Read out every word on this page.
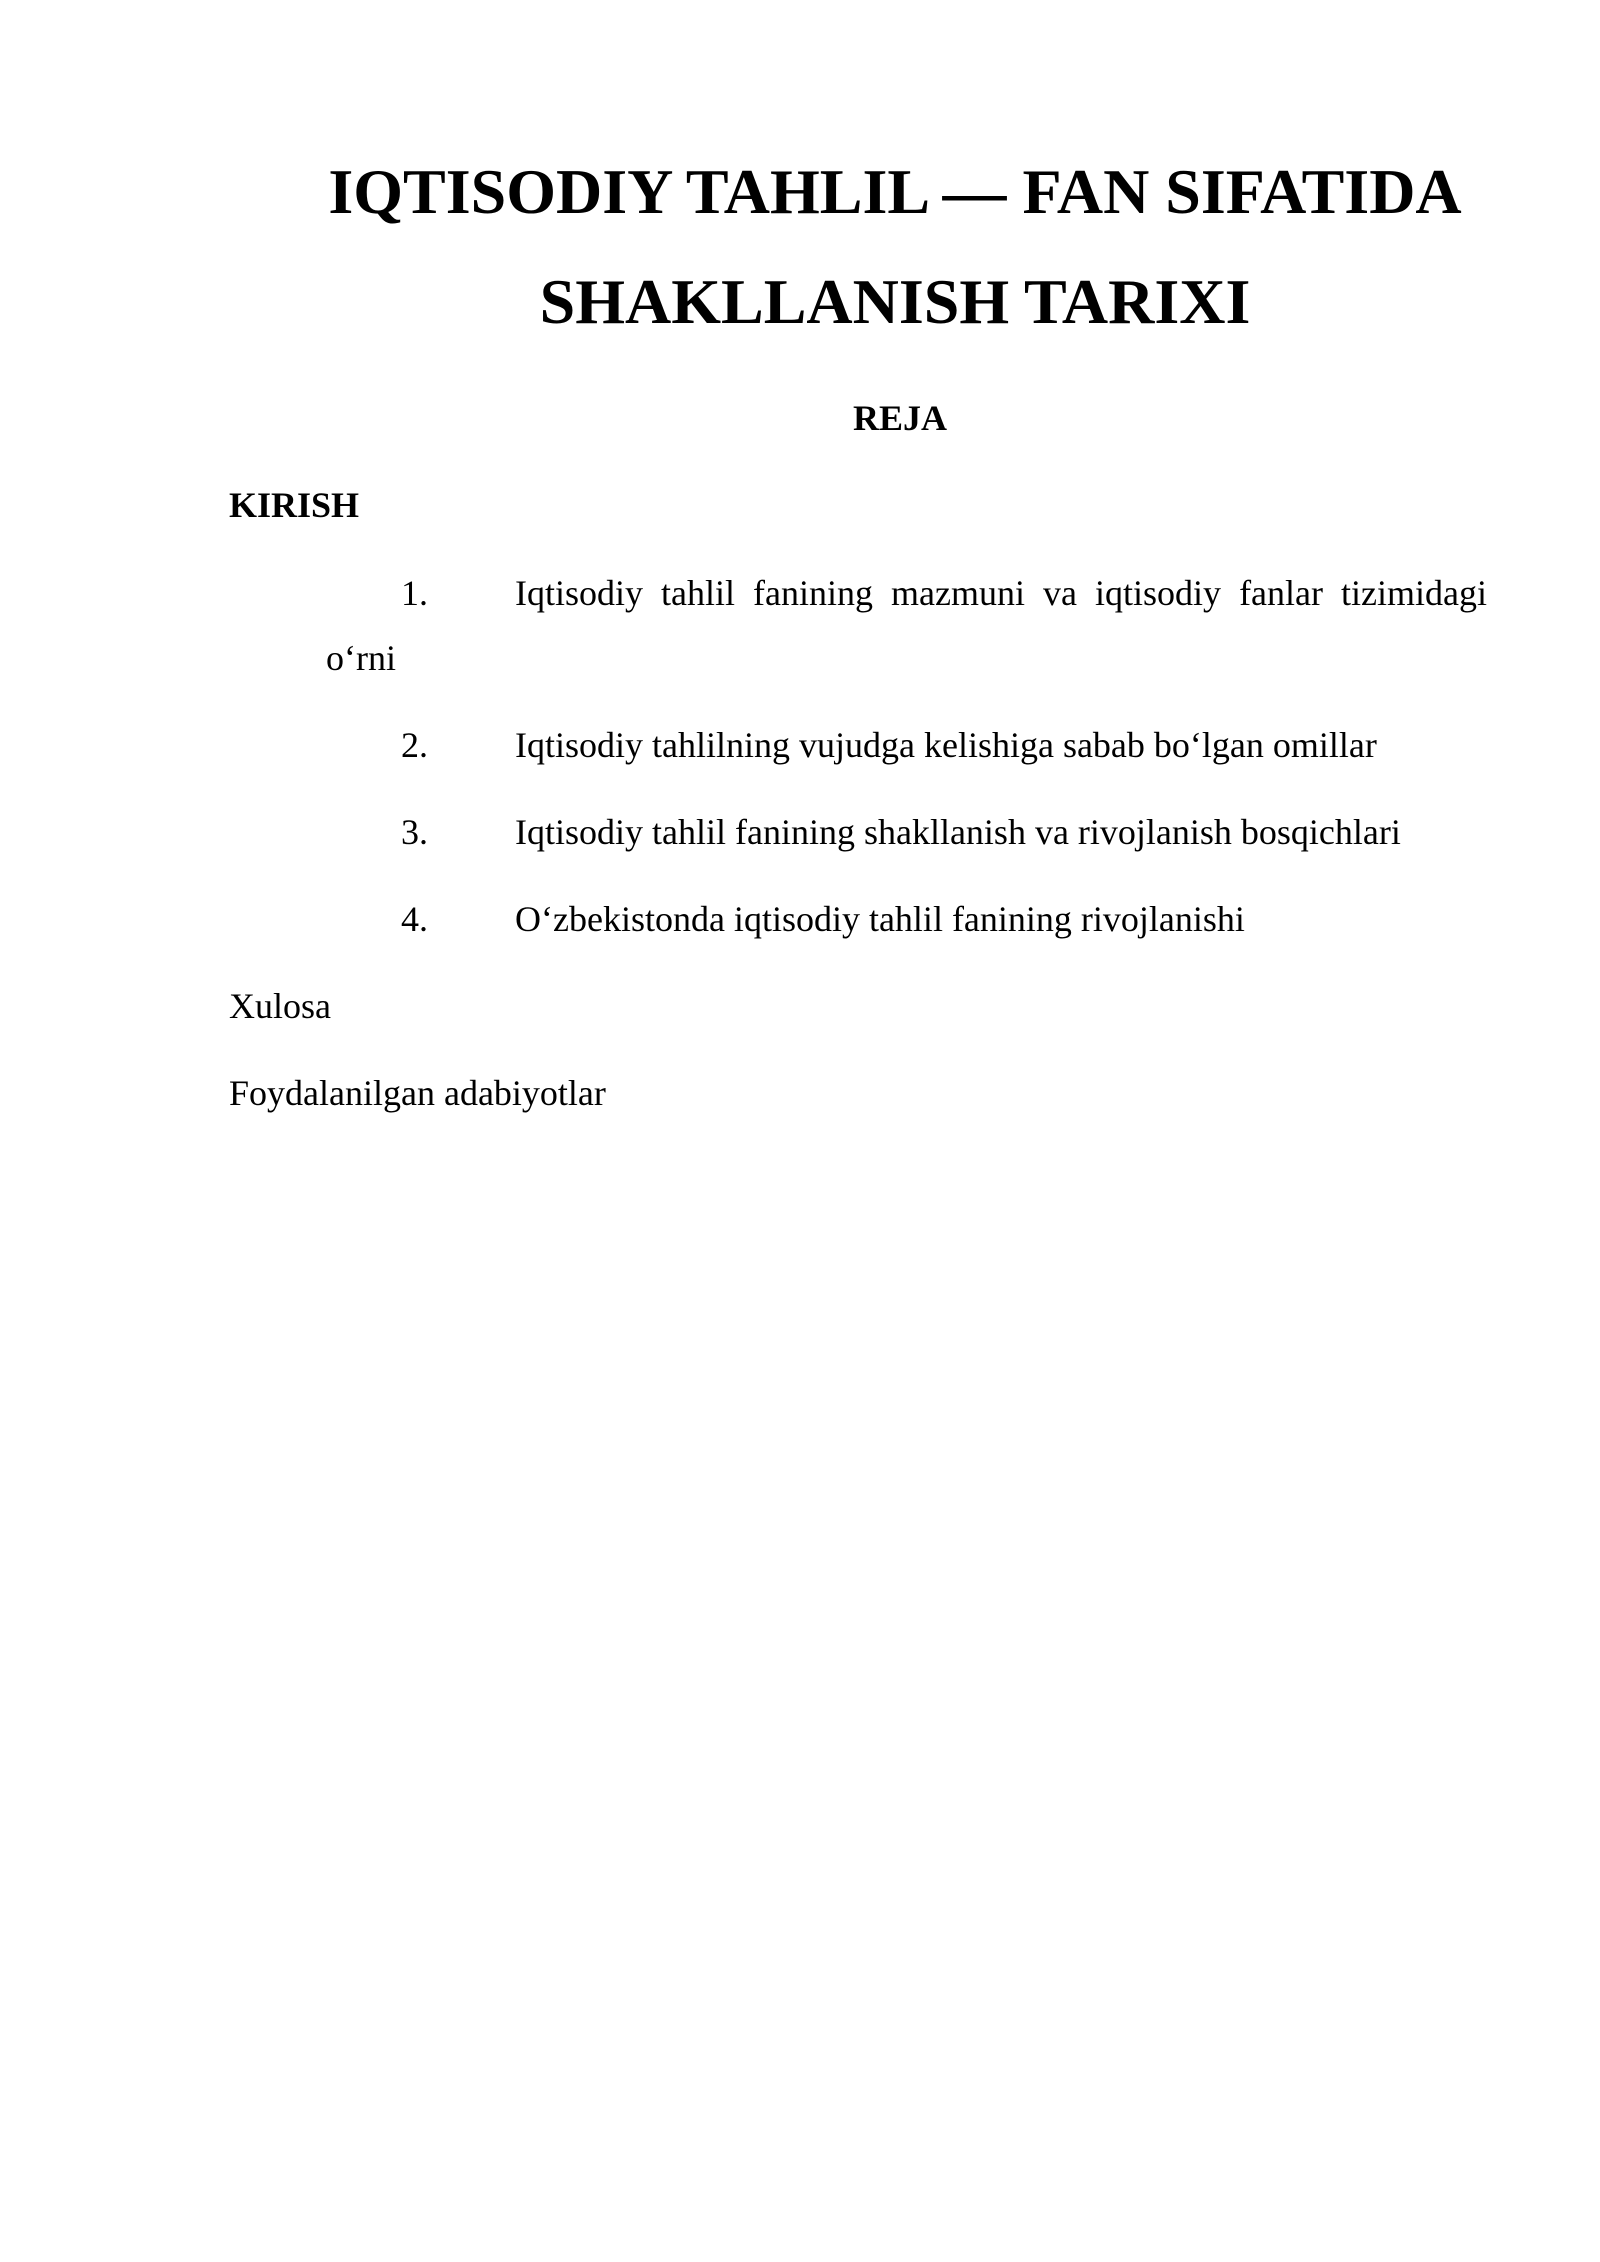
IQTISODIY TAHLIL — FAN SIFATIDA
SHAKLLANISH TARIXI
REJA
KIRISH
1. Iqtisodiy tahlil fanining mazmuni va iqtisodiy fanlar tizimidagi
o‘rni
2. Iqtisodiy tahlilning vujudga kelishiga sabab bo‘lgan omillar
3. Iqtisodiy tahlil fanining shakllanish va rivojlanish bosqichlari
4. O‘zbekistonda iqtisodiy tahlil fanining rivojlanishi
Xulosa
Foydalanilgan adabiyotlar
